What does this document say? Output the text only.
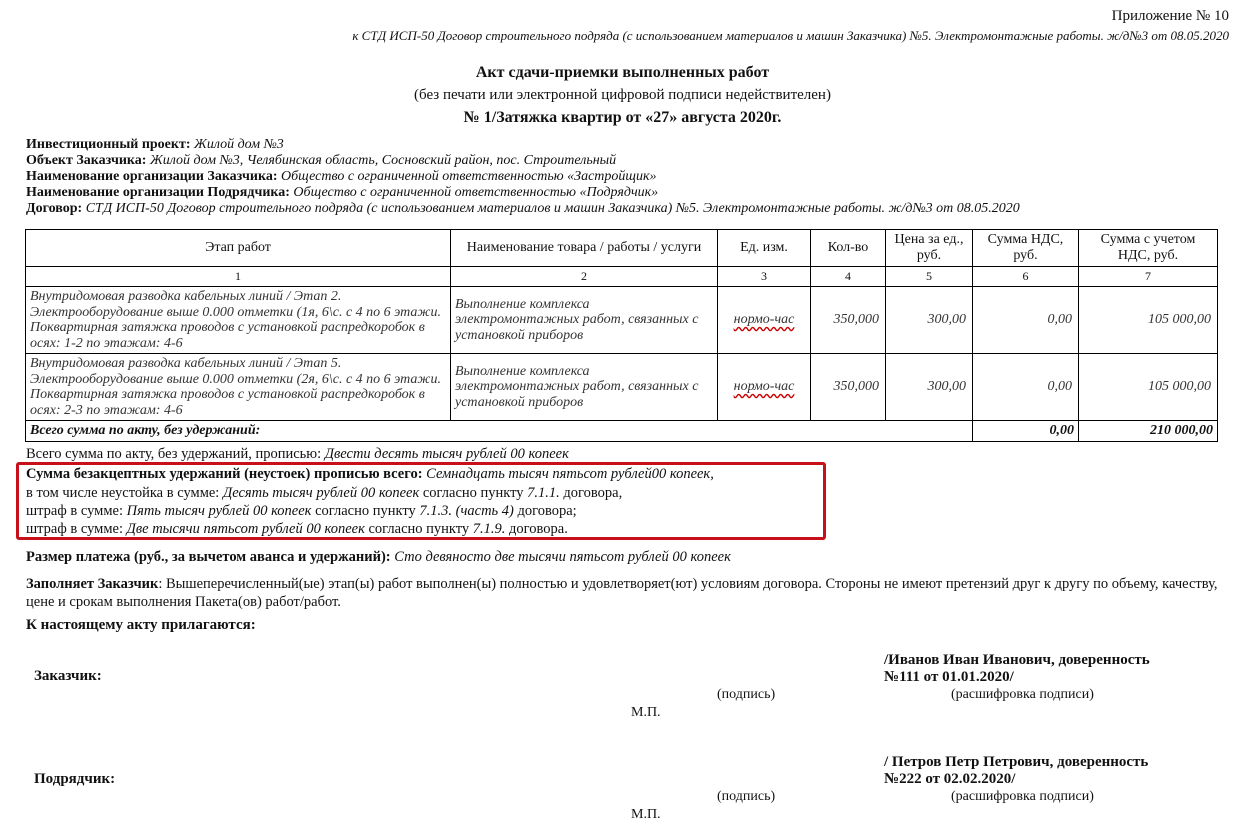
Приложение № 10
к СТД ИСП-50 Договор строительного подряда (с использованием материалов и машин Заказчика) №5. Электромонтажные работы. ж/д№3 от 08.05.2020
Акт сдачи-приемки выполненных работ
(без печати или электронной цифровой подписи недействителен)
№ 1/Затяжка квартир от «27» августа 2020г.
Инвестиционный проект: Жилой дом №3
Объект Заказчика: Жилой дом №3, Челябинская область, Сосновский район, пос. Строительный
Наименование организации Заказчика: Общество с ограниченной ответственностью «Застройщик»
Наименование организации Подрядчика: Общество с ограниченной ответственностью «Подрядчик»
Договор: СТД ИСП-50 Договор строительного подряда (с использованием материалов и машин Заказчика) №5. Электромонтажные работы. ж/д№3 от 08.05.2020
Этап работ	Наименование товара / работы / услуги	Ед. изм.	Кол-во	Цена за ед., руб.	Сумма НДС, руб.	Сумма с учетом НДС, руб.
1	2	3	4	5	6	7
Внутридомовая разводка кабельных линий / Этап 2. Электрооборудование выше 0.000 отметки (1я, 6\с. с 4 по 6 этажи. Поквартирная затяжка проводов с установкой распредкоробок в осях: 1-2 по этажам: 4-6	Выполнение комплекса электромонтажных работ, связанных с установкой приборов	нормо-час	350,000	300,00	0,00	105 000,00
Внутридомовая разводка кабельных линий / Этап 5. Электрооборудование выше 0.000 отметки (2я, 6\с. с 4 по 6 этажи. Поквартирная затяжка проводов с установкой распредкоробок в осях: 2-3 по этажам: 4-6	Выполнение комплекса электромонтажных работ, связанных с установкой приборов	нормо-час	350,000	300,00	0,00	105 000,00
Всего сумма по акту, без удержаний:					0,00	210 000,00
Всего сумма по акту, без удержаний, прописью: Двести десять тысяч рублей 00 копеек
Сумма безакцептных удержаний (неустоек) прописью всего: Семнадцать тысяч пятьсот рублей00 копеек,
в том числе неустойка в сумме: Десять тысяч рублей 00 копеек согласно пункту 7.1.1. договора,
штраф в сумме: Пять тысяч рублей 00 копеек согласно пункту 7.1.3. (часть 4) договора;
штраф в сумме: Две тысячи пятьсот рублей 00 копеек согласно пункту 7.1.9. договора.
Размер платежа (руб., за вычетом аванса и удержаний): Сто девяносто две тысячи пятьсот рублей 00 копеек
Заполняет Заказчик: Вышеперечисленный(ые) этап(ы) работ выполнен(ы) полностью и удовлетворяет(ют) условиям договора. Стороны не имеют претензий друг к другу по объему, качеству, цене и срокам выполнения Пакета(ов) работ/работ.
К настоящему акту прилагаются:
Заказчик:
/Иванов Иван Иванович, доверенность
№111 от 01.01.2020/
(подпись)	(расшифровка подписи)
М.П.
Подрядчик:
/ Петров Петр Петрович, доверенность
№222 от 02.02.2020/
(подпись)	(расшифровка подписи)
М.П.
